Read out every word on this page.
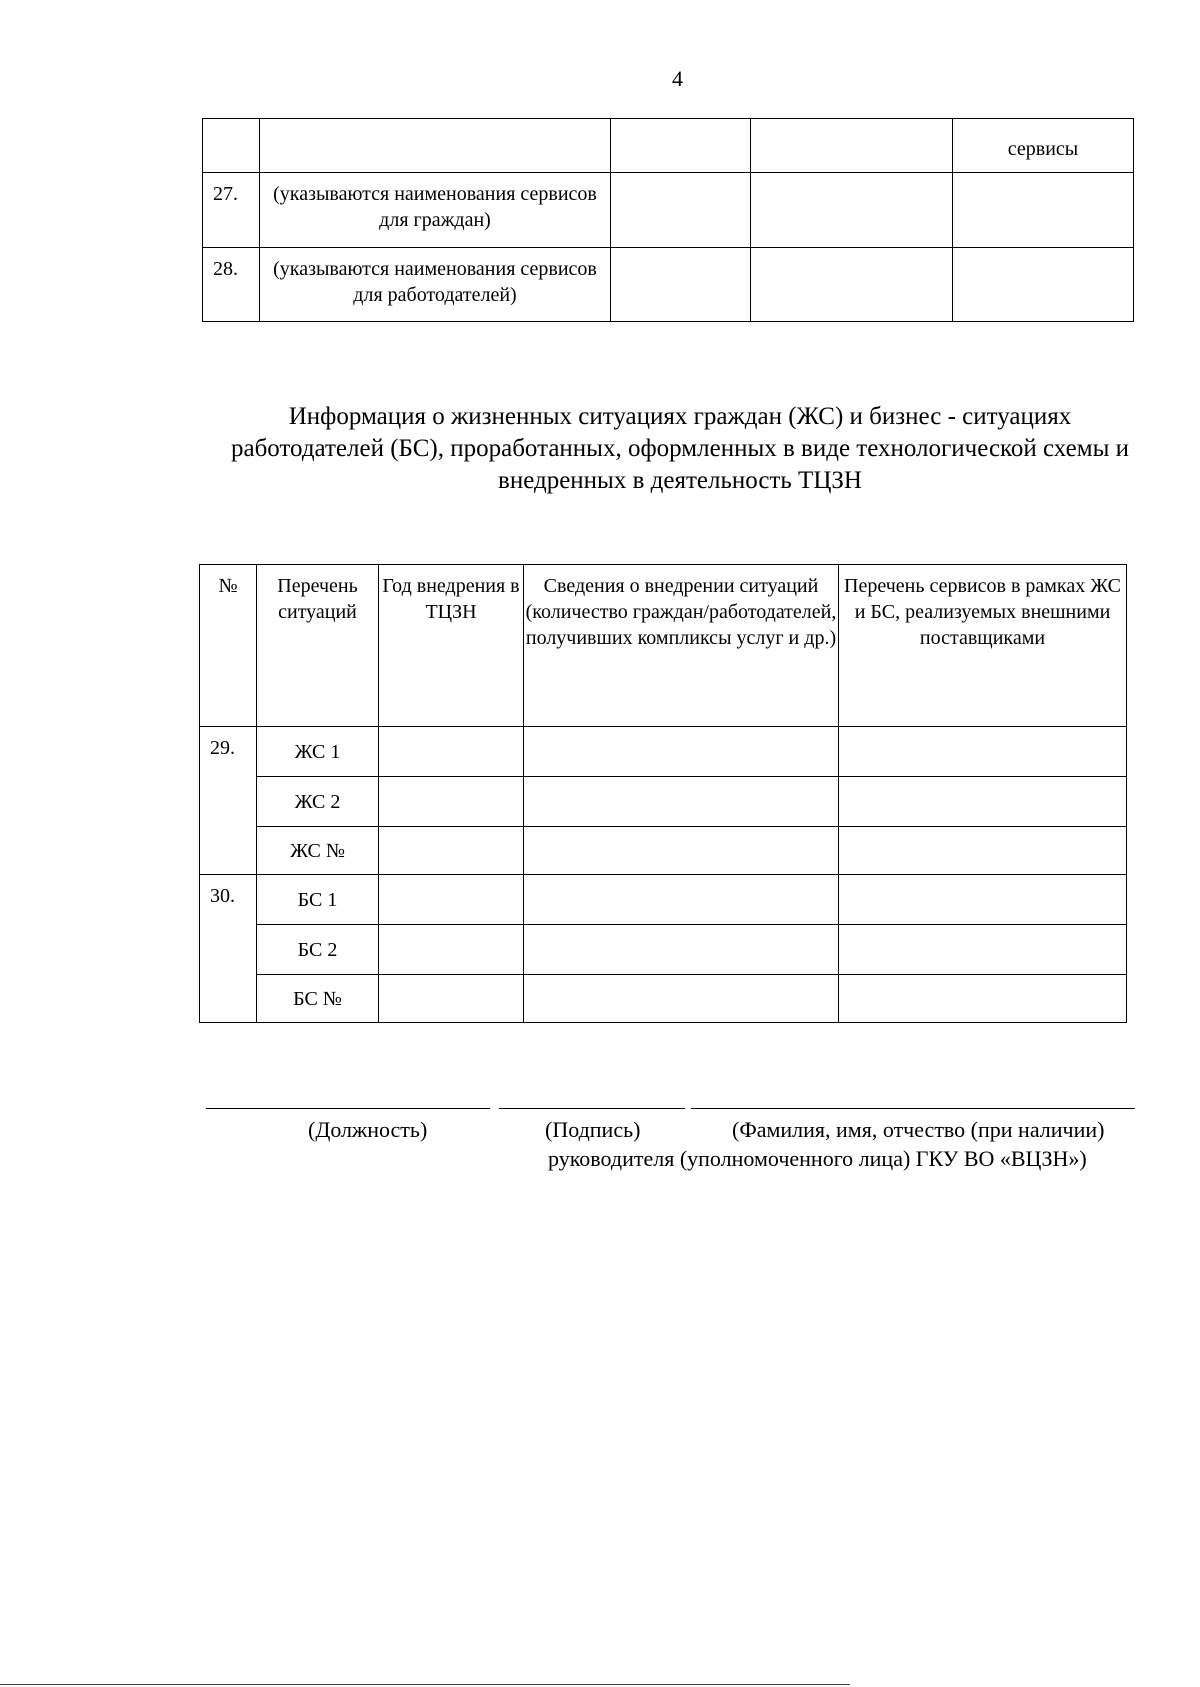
4
				сервисы
27.	(указываются наименования сервисов для граждан)			
28.	(указываются наименования сервисов для работодателей)			
Информация о жизненных ситуациях граждан (ЖС) и бизнес - ситуациях работодателей (БС), проработанных, оформленных в виде технологической схемы и внедренных в деятельность ТЦЗН
№	Перечень ситуаций	Год внедрения в ТЦЗН	Сведения о внедрении ситуаций (количество граждан/работодателей, получивших компликсы услуг и др.)	Перечень сервисов в рамках ЖС и БС, реализуемых внешними поставщиками
29.	ЖС 1			
	ЖС 2			
	ЖС №			
30.	БС 1			
	БС 2			
	БС №			
(Должность)	(Подпись)	(Фамилия, имя, отчество (при наличии)
руководителя (уполномоченного лица) ГКУ ВО «ВЦЗН»)
